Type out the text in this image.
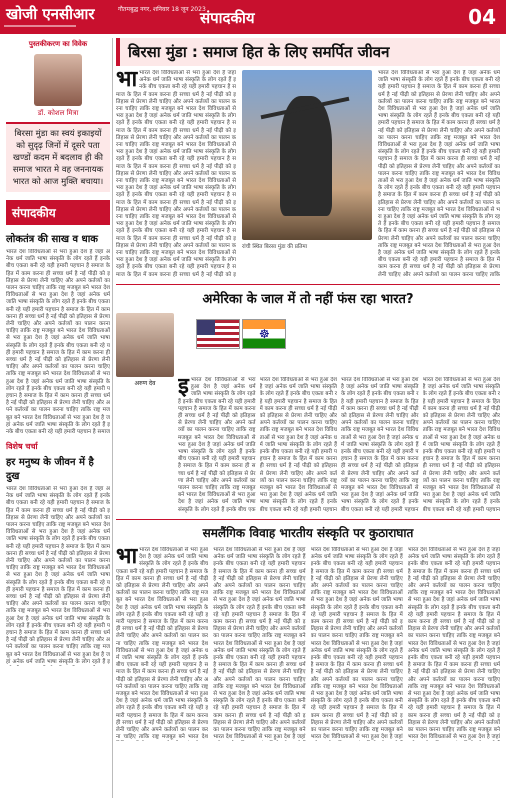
खोजी एनसीआर	गौतमबुद्ध नगर, शनिवार 18 जून 2023
संपादकीय	04
पुस्तकीकरण का विवेक
डॉ. कोशल मित्रा
बिरसा मुंडा का स्वयं इकाइयों को सुदृढ़ जिनों में दूसरे पता खण्डों कदम में बदलाव ही की समाज भारत मे वह जननायक भारत को आज मुक्ति बचाया।
संपादकीय
लोकतंत्र की साख व धाक
भारत देश विविधताओं से भरा हुआ देश है जहां अनेक धर्म जाति भाषा संस्कृति के लोग रहते हैं इनके बीच एकता बनी रहे यही हमारी पहचान है समाज के हित में काम करना ही सच्चा धर्म है नई पीढ़ी को इतिहास से प्रेरणा लेनी चाहिए और अपने कर्तव्यों का पालन करना चाहिए ताकि राष्ट्र मजबूत बने भारत देश विविधताओं से भरा हुआ देश है जहां अनेक धर्म जाति भाषा संस्कृति के लोग रहते हैं इनके बीच एकता बनी रहे यही हमारी पहचान है समाज के हित में काम करना ही सच्चा धर्म है नई पीढ़ी को इतिहास से प्रेरणा लेनी चाहिए और अपने कर्तव्यों का पालन करना चाहिए ताकि राष्ट्र मजबूत बने भारत देश विविधताओं से भरा हुआ देश है जहां अनेक धर्म जाति भाषा संस्कृति के लोग रहते हैं इनके बीच एकता बनी रहे यही हमारी पहचान है समाज के हित में काम करना ही सच्चा धर्म है नई पीढ़ी को इतिहास से प्रेरणा लेनी चाहिए और अपने कर्तव्यों का पालन करना चाहिए ताकि राष्ट्र मजबूत बने भारत देश विविधताओं से भरा हुआ देश है जहां अनेक धर्म जाति भाषा संस्कृति के लोग रहते हैं इनके बीच एकता बनी रहे यही हमारी पहचान है समाज के हित में काम करना ही सच्चा धर्म है नई पीढ़ी को इतिहास से प्रेरणा लेनी चाहिए और अपने कर्तव्यों का पालन करना चाहिए ताकि राष्ट्र मजबूत बने भारत देश विविधताओं से भरा हुआ देश है जहां अनेक धर्म जाति भाषा संस्कृति के लोग रहते हैं इनके बीच एकता बनी रहे यही हमारी पहचान है समाज
विशेष चर्चा
हर मनुष्य के जीवन में है दुख
भारत देश विविधताओं से भरा हुआ देश है जहां अनेक धर्म जाति भाषा संस्कृति के लोग रहते हैं इनके बीच एकता बनी रहे यही हमारी पहचान है समाज के हित में काम करना ही सच्चा धर्म है नई पीढ़ी को इतिहास से प्रेरणा लेनी चाहिए और अपने कर्तव्यों का पालन करना चाहिए ताकि राष्ट्र मजबूत बने भारत देश विविधताओं से भरा हुआ देश है जहां अनेक धर्म जाति भाषा संस्कृति के लोग रहते हैं इनके बीच एकता बनी रहे यही हमारी पहचान है समाज के हित में काम करना ही सच्चा धर्म है नई पीढ़ी को इतिहास से प्रेरणा लेनी चाहिए और अपने कर्तव्यों का पालन करना चाहिए ताकि राष्ट्र मजबूत बने भारत देश विविधताओं से भरा हुआ देश है जहां अनेक धर्म जाति भाषा संस्कृति के लोग रहते हैं इनके बीच एकता बनी रहे यही हमारी पहचान है समाज के हित में काम करना ही सच्चा धर्म है नई पीढ़ी को इतिहास से प्रेरणा लेनी चाहिए और अपने कर्तव्यों का पालन करना चाहिए ताकि राष्ट्र मजबूत बने भारत देश विविधताओं से भरा हुआ देश है जहां अनेक धर्म जाति भाषा संस्कृति के लोग रहते हैं इनके बीच एकता बनी रहे यही हमारी पहचान है समाज के हित में काम करना ही सच्चा धर्म है नई पीढ़ी को इतिहास से प्रेरणा लेनी चाहिए और अपने कर्तव्यों का पालन करना चाहिए ताकि राष्ट्र मजबूत बने भारत देश विविधताओं से भरा हुआ देश है जहां अनेक धर्म जाति भाषा संस्कृति के लोग रहते हैं इ
बिरसा मुंडा : समाज हित के लिए समर्पित जीवन
भा भारत देश विविधताओं से भरा हुआ देश है जहां अनेक धर्म जाति भाषा संस्कृति के लोग रहते हैं इनके बीच एकता बनी रहे यही हमारी पहचान है समाज के हित में काम करना ही सच्चा धर्म है नई पीढ़ी को इतिहास से प्रेरणा लेनी चाहिए और अपने कर्तव्यों का पालन करना चाहिए ताकि राष्ट्र मजबूत बने भारत देश विविधताओं से भरा हुआ देश है जहां अनेक धर्म जाति भाषा संस्कृति के लोग रहते हैं इनके बीच एकता बनी रहे यही हमारी पहचान है समाज के हित में काम करना ही सच्चा धर्म है नई पीढ़ी को इतिहास से प्रेरणा लेनी चाहिए और अपने कर्तव्यों का पालन करना चाहिए ताकि राष्ट्र मजबूत बने भारत देश विविधताओं से भरा हुआ देश है जहां अनेक धर्म जाति भाषा संस्कृति के लोग रहते हैं इनके बीच एकता बनी रहे यही हमारी पहचान है समाज के हित में काम करना ही सच्चा धर्म है नई पीढ़ी को इतिहास से प्रेरणा लेनी चाहिए और अपने कर्तव्यों का पालन करना चाहिए ताकि राष्ट्र मजबूत बने भारत देश विविधताओं से भरा हुआ देश है जहां अनेक धर्म जाति भाषा संस्कृति के लोग रहते हैं इनके बीच एकता बनी रहे यही हमारी पहचान है समाज के हित में काम करना ही सच्चा धर्म है नई पीढ़ी को इतिहास से प्रेरणा लेनी चाहिए और अपने कर्तव्यों का पालन करना चाहिए ताकि राष्ट्र मजबूत बने भारत देश विविधताओं से भरा हुआ देश है जहां अनेक धर्म जाति भाषा संस्कृति के लोग रहते हैं इनके बीच एकता बनी रहे यही हमारी पहचान है समाज के हित में काम करना ही सच्चा धर्म है नई पीढ़ी को इतिहास से प्रेरणा लेनी चाहिए और अपने कर्तव्यों का पालन करना चाहिए ताकि राष्ट्र मजबूत बने भारत देश विविधताओं से भरा हुआ देश है जहां अनेक धर्म जाति भाषा संस्कृति के लोग रहते हैं इनके बीच एकता बनी रहे यही हमारी पहचान है समाज के हित में काम करना ही सच्चा धर्म है नई पीढ़ी को इ
रांची स्थित बिरसा मुंडा की प्रतिमा
भारत देश विविधताओं से भरा हुआ देश है जहां अनेक धर्म जाति भाषा संस्कृति के लोग रहते हैं इनके बीच एकता बनी रहे यही हमारी पहचान है समाज के हित में काम करना ही सच्चा धर्म है नई पीढ़ी को इतिहास से प्रेरणा लेनी चाहिए और अपने कर्तव्यों का पालन करना चाहिए ताकि राष्ट्र मजबूत बने भारत देश विविधताओं से भरा हुआ देश है जहां अनेक धर्म जाति भाषा संस्कृति के लोग रहते हैं इनके बीच एकता बनी रहे यही हमारी पहचान है समाज के हित में काम करना ही सच्चा धर्म है नई पीढ़ी को इतिहास से प्रेरणा लेनी चाहिए और अपने कर्तव्यों का पालन करना चाहिए ताकि राष्ट्र मजबूत बने भारत देश विविधताओं से भरा हुआ देश है जहां अनेक धर्म जाति भाषा संस्कृति के लोग रहते हैं इनके बीच एकता बनी रहे यही हमारी पहचान है समाज के हित में काम करना ही सच्चा धर्म है नई पीढ़ी को इतिहास से प्रेरणा लेनी चाहिए और अपने कर्तव्यों का पालन करना चाहिए ताकि राष्ट्र मजबूत बने भारत देश विविधताओं से भरा हुआ देश है जहां अनेक धर्म जाति भाषा संस्कृति के लोग रहते हैं इनके बीच एकता बनी रहे यही हमारी पहचान है समाज के हित में काम करना ही सच्चा धर्म है नई पीढ़ी को इतिहास से प्रेरणा लेनी चाहिए और अपने कर्तव्यों का पालन करना चाहिए ताकि राष्ट्र मजबूत बने भारत देश विविधताओं से भरा हुआ देश है जहां अनेक धर्म जाति भाषा संस्कृति के लोग रहते हैं इनके बीच एकता बनी रहे यही हमारी पहचान है समाज के हित में काम करना ही सच्चा धर्म है नई पीढ़ी को इतिहास से प्रेरणा लेनी चाहिए और अपने कर्तव्यों का पालन करना चाहिए ताकि राष्ट्र मजबूत बने भारत देश विविधताओं से भरा हुआ देश है जहां अनेक धर्म जाति भाषा संस्कृति के लोग रहते हैं इनके बीच एकता बनी रहे यही हमारी पहचान है समाज के हित में काम करना ही सच्चा धर्म है नई पीढ़ी को इतिहास से प्रेरणा लेनी चाहिए और अपने कर्तव्यों का पालन करना चाहिए ताकि
अमेरिका के जाल में तो नहीं फंस रहा भारत?
अरुण देव
☸	इ भारत देश विविधताओं से भरा हुआ देश है जहां अनेक धर्म जाति भाषा संस्कृति के लोग रहते हैं इनके बीच एकता बनी रहे यही हमारी पहचान है समाज के हित में काम करना ही सच्चा धर्म है नई पीढ़ी को इतिहास से प्रेरणा लेनी चाहिए और अपने कर्तव्यों का पालन करना चाहिए ताकि राष्ट्र मजबूत बने भारत देश विविधताओं से भरा हुआ देश है जहां अनेक धर्म जाति भाषा संस्कृति के लोग रहते हैं इनके बीच एकता बनी रहे यही हमारी पहचान है समाज के हित में काम करना ही सच्चा धर्म है नई पीढ़ी को इतिहास से प्रेरणा लेनी चाहिए और अपने कर्तव्यों का पालन करना चाहिए ताकि राष्ट्र मजबूत बने भारत देश विविधताओं से भरा हुआ देश है जहां अनेक धर्म जाति भाषा संस्कृति के लोग रहते हैं इनके बीच एक
भारत देश विविधताओं से भरा हुआ देश है जहां अनेक धर्म जाति भाषा संस्कृति के लोग रहते हैं इनके बीच एकता बनी रहे यही हमारी पहचान है समाज के हित में काम करना ही सच्चा धर्म है नई पीढ़ी को इतिहास से प्रेरणा लेनी चाहिए और अपने कर्तव्यों का पालन करना चाहिए ताकि राष्ट्र मजबूत बने भारत देश विविधताओं से भरा हुआ देश है जहां अनेक धर्म जाति भाषा संस्कृति के लोग रहते हैं इनके बीच एकता बनी रहे यही हमारी पहचान है समाज के हित में काम करना ही सच्चा धर्म है नई पीढ़ी को इतिहास से प्रेरणा लेनी चाहिए और अपने कर्तव्यों का पालन करना चाहिए ताकि राष्ट्र मजबूत बने भारत देश विविधताओं से भरा हुआ देश है जहां अनेक धर्म जाति भाषा संस्कृति के लोग रहते हैं इनके बीच एकता बनी रहे यही हमारी पहचान
भारत देश विविधताओं से भरा हुआ देश है जहां अनेक धर्म जाति भाषा संस्कृति के लोग रहते हैं इनके बीच एकता बनी रहे यही हमारी पहचान है समाज के हित में काम करना ही सच्चा धर्म है नई पीढ़ी को इतिहास से प्रेरणा लेनी चाहिए और अपने कर्तव्यों का पालन करना चाहिए ताकि राष्ट्र मजबूत बने भारत देश विविधताओं से भरा हुआ देश है जहां अनेक धर्म जाति भाषा संस्कृति के लोग रहते हैं इनके बीच एकता बनी रहे यही हमारी पहचान है समाज के हित में काम करना ही सच्चा धर्म है नई पीढ़ी को इतिहास से प्रेरणा लेनी चाहिए और अपने कर्तव्यों का पालन करना चाहिए ताकि राष्ट्र मजबूत बने भारत देश विविधताओं से भरा हुआ देश है जहां अनेक धर्म जाति भाषा संस्कृति के लोग रहते हैं इनके बीच एकता बनी रहे यही हमारी पहचान
भारत देश विविधताओं से भरा हुआ देश है जहां अनेक धर्म जाति भाषा संस्कृति के लोग रहते हैं इनके बीच एकता बनी रहे यही हमारी पहचान है समाज के हित में काम करना ही सच्चा धर्म है नई पीढ़ी को इतिहास से प्रेरणा लेनी चाहिए और अपने कर्तव्यों का पालन करना चाहिए ताकि राष्ट्र मजबूत बने भारत देश विविधताओं से भरा हुआ देश है जहां अनेक धर्म जाति भाषा संस्कृति के लोग रहते हैं इनके बीच एकता बनी रहे यही हमारी पहचान है समाज के हित में काम करना ही सच्चा धर्म है नई पीढ़ी को इतिहास से प्रेरणा लेनी चाहिए और अपने कर्तव्यों का पालन करना चाहिए ताकि राष्ट्र मजबूत बने भारत देश विविधताओं से भरा हुआ देश है जहां अनेक धर्म जाति भाषा संस्कृति के लोग रहते हैं इनके बीच एकता बनी रहे यही हमारी पहचान
समलैंगिक विवाह भारतीय संस्कृति पर कुठाराघात
भा भारत देश विविधताओं से भरा हुआ देश है जहां अनेक धर्म जाति भाषा संस्कृति के लोग रहते हैं इनके बीच एकता बनी रहे यही हमारी पहचान है समाज के हित में काम करना ही सच्चा धर्म है नई पीढ़ी को इतिहास से प्रेरणा लेनी चाहिए और अपने कर्तव्यों का पालन करना चाहिए ताकि राष्ट्र मजबूत बने भारत देश विविधताओं से भरा हुआ देश है जहां अनेक धर्म जाति भाषा संस्कृति के लोग रहते हैं इनके बीच एकता बनी रहे यही हमारी पहचान है समाज के हित में काम करना ही सच्चा धर्म है नई पीढ़ी को इतिहास से प्रेरणा लेनी चाहिए और अपने कर्तव्यों का पालन करना चाहिए ताकि राष्ट्र मजबूत बने भारत देश विविधताओं से भरा हुआ देश है जहां अनेक धर्म जाति भाषा संस्कृति के लोग रहते हैं इनके बीच एकता बनी रहे यही हमारी पहचान है समाज के हित में काम करना ही सच्चा धर्म है नई पीढ़ी को इतिहास से प्रेरणा लेनी चाहिए और अपने कर्तव्यों का पालन करना चाहिए ताकि राष्ट्र मजबूत बने भारत देश विविधताओं से भरा हुआ देश है जहां अनेक धर्म जाति भाषा संस्कृति के लोग रहते हैं इनके बीच एकता बनी रहे यही हमारी पहचान है समाज के हित में काम करना ही सच्चा धर्म है नई पीढ़ी को इतिहास से प्रेरणा लेनी चाहिए और अपने कर्तव्यों का पालन करना चाहिए ताकि राष्ट्र मजबूत बने भारत देश
भारत देश विविधताओं से भरा हुआ देश है जहां अनेक धर्म जाति भाषा संस्कृति के लोग रहते हैं इनके बीच एकता बनी रहे यही हमारी पहचान है समाज के हित में काम करना ही सच्चा धर्म है नई पीढ़ी को इतिहास से प्रेरणा लेनी चाहिए और अपने कर्तव्यों का पालन करना चाहिए ताकि राष्ट्र मजबूत बने भारत देश विविधताओं से भरा हुआ देश है जहां अनेक धर्म जाति भाषा संस्कृति के लोग रहते हैं इनके बीच एकता बनी रहे यही हमारी पहचान है समाज के हित में काम करना ही सच्चा धर्म है नई पीढ़ी को इतिहास से प्रेरणा लेनी चाहिए और अपने कर्तव्यों का पालन करना चाहिए ताकि राष्ट्र मजबूत बने भारत देश विविधताओं से भरा हुआ देश है जहां अनेक धर्म जाति भाषा संस्कृति के लोग रहते हैं इनके बीच एकता बनी रहे यही हमारी पहचान है समाज के हित में काम करना ही सच्चा धर्म है नई पीढ़ी को इतिहास से प्रेरणा लेनी चाहिए और अपने कर्तव्यों का पालन करना चाहिए ताकि राष्ट्र मजबूत बने भारत देश विविधताओं से भरा हुआ देश है जहां अनेक धर्म जाति भाषा संस्कृति के लोग रहते हैं इनके बीच एकता बनी रहे यही हमारी पहचान है समाज के हित में काम करना ही सच्चा धर्म है नई पीढ़ी को इतिहास से प्रेरणा लेनी चाहिए और अपने कर्तव्यों का पालन करना चाहिए ताकि राष्ट्र मजबूत बने भारत देश विविधताओं से भरा हुआ देश है जहां
भारत देश विविधताओं से भरा हुआ देश है जहां अनेक धर्म जाति भाषा संस्कृति के लोग रहते हैं इनके बीच एकता बनी रहे यही हमारी पहचान है समाज के हित में काम करना ही सच्चा धर्म है नई पीढ़ी को इतिहास से प्रेरणा लेनी चाहिए और अपने कर्तव्यों का पालन करना चाहिए ताकि राष्ट्र मजबूत बने भारत देश विविधताओं से भरा हुआ देश है जहां अनेक धर्म जाति भाषा संस्कृति के लोग रहते हैं इनके बीच एकता बनी रहे यही हमारी पहचान है समाज के हित में काम करना ही सच्चा धर्म है नई पीढ़ी को इतिहास से प्रेरणा लेनी चाहिए और अपने कर्तव्यों का पालन करना चाहिए ताकि राष्ट्र मजबूत बने भारत देश विविधताओं से भरा हुआ देश है जहां अनेक धर्म जाति भाषा संस्कृति के लोग रहते हैं इनके बीच एकता बनी रहे यही हमारी पहचान है समाज के हित में काम करना ही सच्चा धर्म है नई पीढ़ी को इतिहास से प्रेरणा लेनी चाहिए और अपने कर्तव्यों का पालन करना चाहिए ताकि राष्ट्र मजबूत बने भारत देश विविधताओं से भरा हुआ देश है जहां अनेक धर्म जाति भाषा संस्कृति के लोग रहते हैं इनके बीच एकता बनी रहे यही हमारी पहचान है समाज के हित में काम करना ही सच्चा धर्म है नई पीढ़ी को इतिहास से प्रेरणा लेनी चाहिए और अपने कर्तव्यों का पालन करना चाहिए ताकि राष्ट्र मजबूत बने भारत देश विविधताओं से भरा हुआ देश है जहां
भारत देश विविधताओं से भरा हुआ देश है जहां अनेक धर्म जाति भाषा संस्कृति के लोग रहते हैं इनके बीच एकता बनी रहे यही हमारी पहचान है समाज के हित में काम करना ही सच्चा धर्म है नई पीढ़ी को इतिहास से प्रेरणा लेनी चाहिए और अपने कर्तव्यों का पालन करना चाहिए ताकि राष्ट्र मजबूत बने भारत देश विविधताओं से भरा हुआ देश है जहां अनेक धर्म जाति भाषा संस्कृति के लोग रहते हैं इनके बीच एकता बनी रहे यही हमारी पहचान है समाज के हित में काम करना ही सच्चा धर्म है नई पीढ़ी को इतिहास से प्रेरणा लेनी चाहिए और अपने कर्तव्यों का पालन करना चाहिए ताकि राष्ट्र मजबूत बने भारत देश विविधताओं से भरा हुआ देश है जहां अनेक धर्म जाति भाषा संस्कृति के लोग रहते हैं इनके बीच एकता बनी रहे यही हमारी पहचान है समाज के हित में काम करना ही सच्चा धर्म है नई पीढ़ी को इतिहास से प्रेरणा लेनी चाहिए और अपने कर्तव्यों का पालन करना चाहिए ताकि राष्ट्र मजबूत बने भारत देश विविधताओं से भरा हुआ देश है जहां अनेक धर्म जाति भाषा संस्कृति के लोग रहते हैं इनके बीच एकता बनी रहे यही हमारी पहचान है समाज के हित में काम करना ही सच्चा धर्म है नई पीढ़ी को इतिहास से प्रेरणा लेनी चाहिए और अपने कर्तव्यों का पालन करना चाहिए ताकि राष्ट्र मजबूत बने भारत देश विविधताओं से भरा हुआ देश है जहां
